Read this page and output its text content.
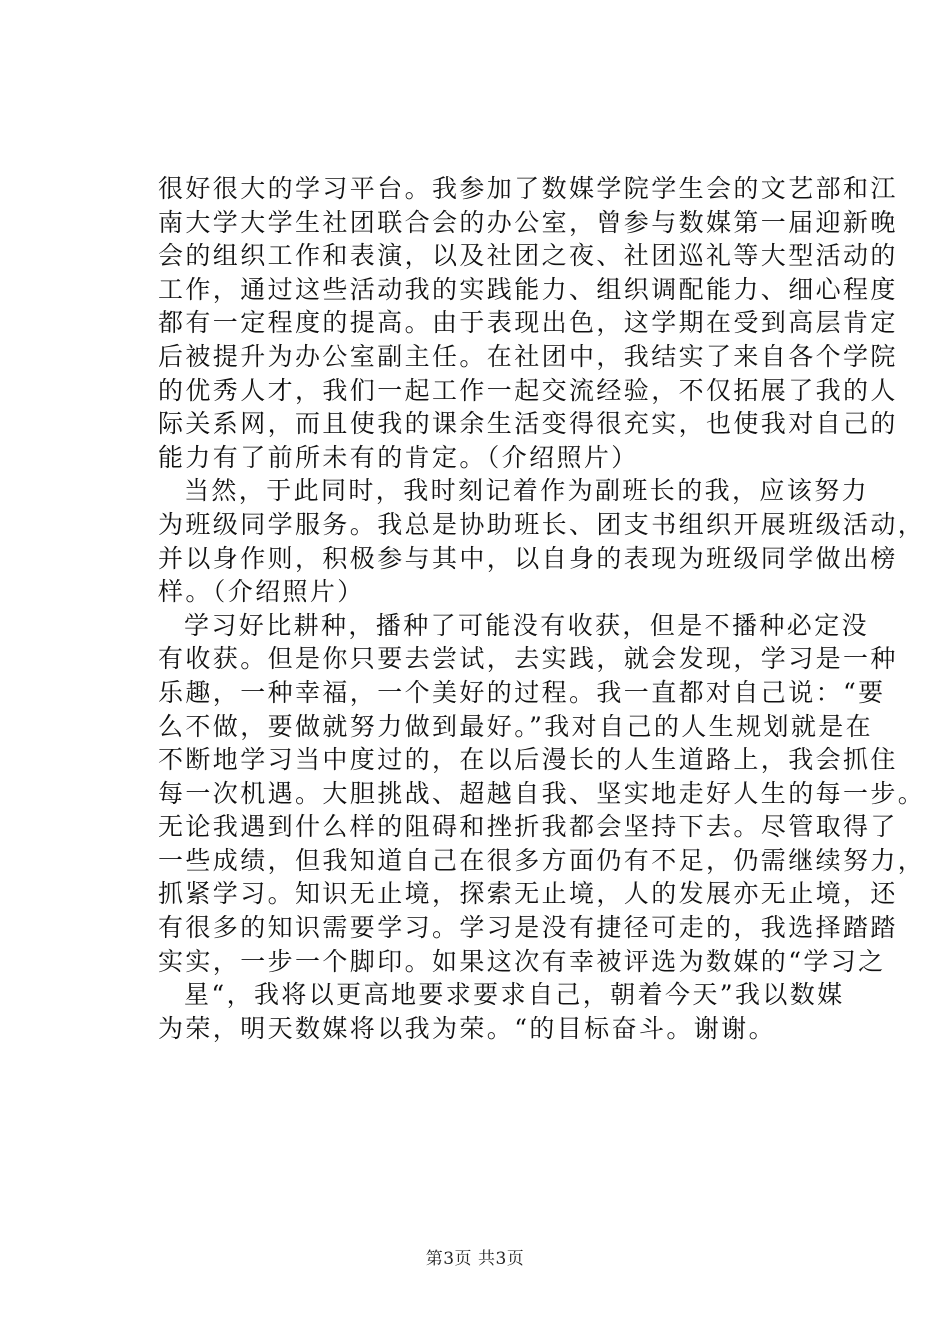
很好很大的学习平台。我参加了数媒学院学生会的文艺部和江
南大学大学生社团联合会的办公室，曾参与数媒第一届迎新晚
会的组织工作和表演，以及社团之夜、社团巡礼等大型活动的
工作，通过这些活动我的实践能力、组织调配能力、细心程度
都有一定程度的提高。由于表现出色，这学期在受到高层肯定
后被提升为办公室副主任。在社团中，我结实了来自各个学院
的优秀人才，我们一起工作一起交流经验，不仅拓展了我的人
际关系网，而且使我的课余生活变得很充实，也使我对自己的
能力有了前所未有的肯定。（介绍照片）
当然，于此同时，我时刻记着作为副班长的我，应该努力
为班级同学服务。我总是协助班长、团支书组织开展班级活动，
并以身作则，积极参与其中，以自身的表现为班级同学做出榜
样。（介绍照片）
学习好比耕种，播种了可能没有收获，但是不播种必定没
有收获。但是你只要去尝试，去实践，就会发现，学习是一种
乐趣，一种幸福，一个美好的过程。我一直都对自己说：“要
么不做，要做就努力做到最好。”我对自己的人生规划就是在
不断地学习当中度过的，在以后漫长的人生道路上，我会抓住
每一次机遇。大胆挑战、超越自我、坚实地走好人生的每一步。
无论我遇到什么样的阻碍和挫折我都会坚持下去。尽管取得了
一些成绩，但我知道自己在很多方面仍有不足，仍需继续努力，
抓紧学习。知识无止境，探索无止境，人的发展亦无止境，还
有很多的知识需要学习。学习是没有捷径可走的，我选择踏踏
实实，一步一个脚印。如果这次有幸被评选为数媒的“学习之
星“，我将以更高地要求要求自己，朝着今天”我以数媒
为荣，明天数媒将以我为荣。“的目标奋斗。谢谢。
第3页 共3页
